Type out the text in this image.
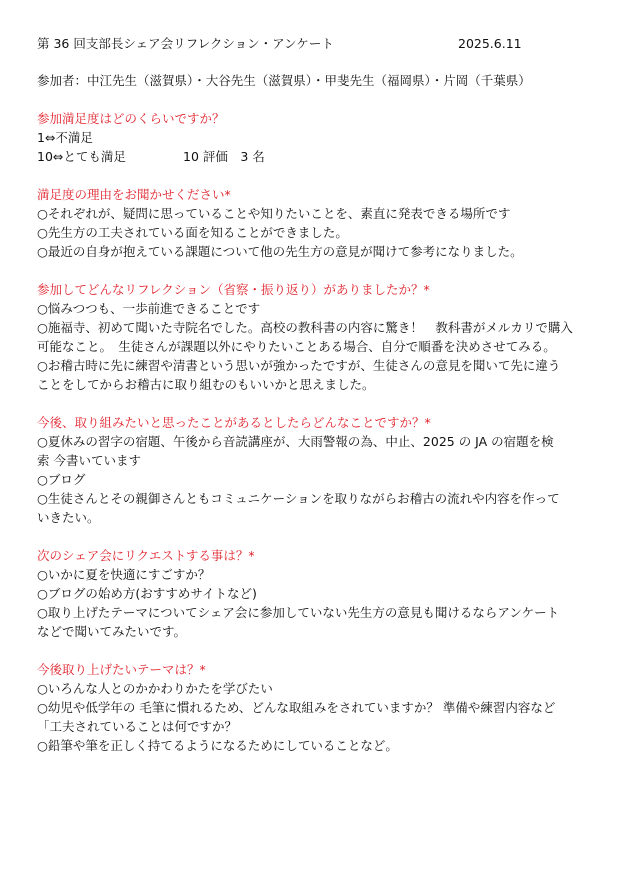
第 36 回支部長シェア会リフレクション・アンケート	2025.6.11
参加者：中江先生（滋賀県）・大谷先生（滋賀県）・甲斐先生（福岡県）・片岡（千葉県）
参加満足度はどのくらいですか？
1⇔不満足
10⇔とても満足	10 評価　3 名
満足度の理由をお聞かせください*
○それぞれが、疑問に思っていることや知りたいことを、素直に発表できる場所です
○先生方の工夫されている面を知ることができました。
○最近の自身が抱えている課題について他の先生方の意見が聞けて参考になりました。
参加してどんなリフレクション（省察・振り返り）がありましたか？*
○悩みつつも、一歩前進できることです
○施福寺、初めて聞いた寺院名でした。高校の教科書の内容に驚き！　教科書がメルカリで購入
可能なこと。　生徒さんが課題以外にやりたいことある場合、自分で順番を決めさせてみる。
○お稽古時に先に練習や清書という思いが強かったですが、生徒さんの意見を聞いて先に違う
ことをしてからお稽古に取り組むのもいいかと思えました。
今後、取り組みたいと思ったことがあるとしたらどんなことですか？*
○夏休みの習字の宿題、午後から音読講座が、大雨警報の為、中止、2025 の JA の宿題を検
索 今書いています
○ブログ
○生徒さんとその親御さんともコミュニケーションを取りながらお稽古の流れや内容を作って
いきたい。
次のシェア会にリクエストする事は？*
○いかに夏を快適にすごすか？
○ブログの始め方(おすすめサイトなど)
○取り上げたテーマについてシェア会に参加していない先生方の意見も聞けるならアンケート
などで聞いてみたいです。
今後取り上げたいテーマは？*
○いろんな人とのかかわりかたを学びたい
○幼児や低学年の 毛筆に慣れるため、どんな取組みをされていますか？ 準備や練習内容など
「工夫されていることは何ですか？
○鉛筆や筆を正しく持てるようになるためにしていることなど。
